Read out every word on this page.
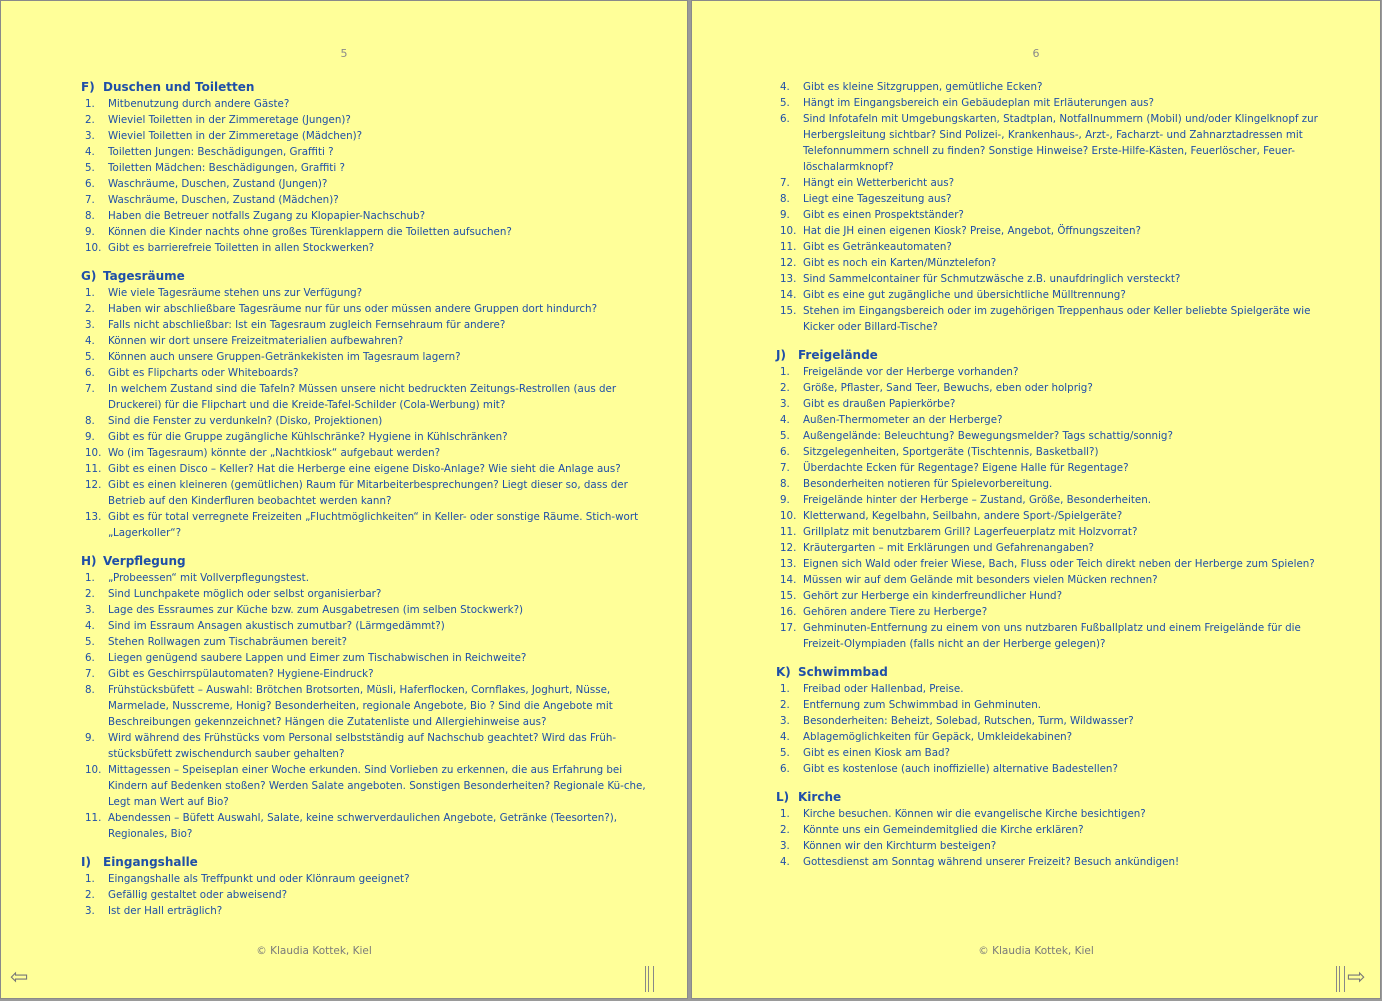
5
F) Duschen und Toiletten
1. Mitbenutzung durch andere Gäste?
2. Wieviel Toiletten in der Zimmeretage (Jungen)?
3. Wieviel Toiletten in der Zimmeretage (Mädchen)?
4. Toiletten Jungen: Beschädigungen, Graffiti ?
5. Toiletten Mädchen: Beschädigungen, Graffiti ?
6. Waschräume, Duschen, Zustand (Jungen)?
7. Waschräume, Duschen, Zustand (Mädchen)?
8. Haben die Betreuer notfalls Zugang zu Klopapier-Nachschub?
9. Können die Kinder nachts ohne großes Türenklappern die Toiletten aufsuchen?
10. Gibt es barrierefreie Toiletten in allen Stockwerken?
G) Tagesräume
1. Wie viele Tagesräume stehen uns zur Verfügung?
2. Haben wir abschließbare Tagesräume nur für uns oder müssen andere Gruppen dort hindurch?
3. Falls nicht abschließbar: Ist ein Tagesraum zugleich Fernsehraum für andere?
4. Können wir dort unsere Freizeitmaterialien aufbewahren?
5. Können auch unsere Gruppen-Getränkekisten im Tagesraum lagern?
6. Gibt es Flipcharts oder Whiteboards?
7. In welchem Zustand sind die Tafeln? Müssen unsere nicht bedruckten Zeitungs-Restrollen (aus der Druckerei) für die Flipchart und die Kreide-Tafel-Schilder (Cola-Werbung) mit?
8. Sind die Fenster zu verdunkeln? (Disko, Projektionen)
9. Gibt es für die Gruppe zugängliche Kühlschränke? Hygiene in Kühlschränken?
10. Wo (im Tagesraum) könnte der „Nachtkiosk“ aufgebaut werden?
11. Gibt es einen Disco – Keller? Hat die Herberge eine eigene Disko-Anlage? Wie sieht die Anlage aus?
12. Gibt es einen kleineren (gemütlichen) Raum für Mitarbeiterbesprechungen? Liegt dieser so, dass der Betrieb auf den Kinderfluren beobachtet werden kann?
13. Gibt es für total verregnete Freizeiten „Fluchtmöglichkeiten“ in Keller- oder sonstige Räume. Stich-wort „Lagerkoller“?
H) Verpflegung
1. „Probeessen“ mit Vollverpflegungstest.
2. Sind Lunchpakete möglich oder selbst organisierbar?
3. Lage des Essraumes zur Küche bzw. zum Ausgabetresen (im selben Stockwerk?)
4. Sind im Essraum Ansagen akustisch zumutbar? (Lärmgedämmt?)
5. Stehen Rollwagen zum Tischabräumen bereit?
6. Liegen genügend saubere Lappen und Eimer zum Tischabwischen in Reichweite?
7. Gibt es Geschirrspülautomaten? Hygiene-Eindruck?
8. Frühstücksbüfett – Auswahl: Brötchen Brotsorten, Müsli, Haferflocken, Cornflakes, Joghurt, Nüsse, Marmelade, Nusscreme, Honig? Besonderheiten, regionale Angebote, Bio ? Sind die Angebote mit Beschreibungen gekennzeichnet? Hängen die Zutatenliste und Allergiehinweise aus?
9. Wird während des Frühstücks vom Personal selbstständig auf Nachschub geachtet? Wird das Früh-stücksbüfett zwischendurch sauber gehalten?
10. Mittagessen – Speiseplan einer Woche erkunden. Sind Vorlieben zu erkennen, die aus Erfahrung bei Kindern auf Bedenken stoßen? Werden Salate angeboten. Sonstigen Besonderheiten? Regionale Kü-che, Legt man Wert auf Bio?
11. Abendessen – Büfett Auswahl, Salate, keine schwerverdaulichen Angebote, Getränke (Teesorten?), Regionales, Bio?
I) Eingangshalle
1. Eingangshalle als Treffpunkt und oder Klönraum geeignet?
2. Gefällig gestaltet oder abweisend?
3. Ist der Hall erträglich?
© Klaudia Kottek, Kiel
6
4. Gibt es kleine Sitzgruppen, gemütliche Ecken?
5. Hängt im Eingangsbereich ein Gebäudeplan mit Erläuterungen aus?
6. Sind Infotafeln mit Umgebungskarten, Stadtplan, Notfallnummern (Mobil) und/oder Klingelknopf zur Herbergsleitung sichtbar? Sind Polizei-, Krankenhaus-, Arzt-, Facharzt- und Zahnarztadressen mit Telefonnummern schnell zu finden? Sonstige Hinweise? Erste-Hilfe-Kästen, Feuerlöscher, Feuer-löschalarmknopf?
7. Hängt ein Wetterbericht aus?
8. Liegt eine Tageszeitung aus?
9. Gibt es einen Prospektständer?
10. Hat die JH einen eigenen Kiosk? Preise, Angebot, Öffnungszeiten?
11. Gibt es Getränkeautomaten?
12. Gibt es noch ein Karten/Münztelefon?
13. Sind Sammelcontainer für Schmutzwäsche z.B. unaufdringlich versteckt?
14. Gibt es eine gut zugängliche und übersichtliche Mülltrennung?
15. Stehen im Eingangsbereich oder im zugehörigen Treppenhaus oder Keller beliebte Spielgeräte wie Kicker oder Billard-Tische?
J) Freigelände
1. Freigelände vor der Herberge vorhanden?
2. Größe, Pflaster, Sand Teer, Bewuchs, eben oder holprig?
3. Gibt es draußen Papierkörbe?
4. Außen-Thermometer an der Herberge?
5. Außengelände: Beleuchtung? Bewegungsmelder? Tags schattig/sonnig?
6. Sitzgelegenheiten, Sportgeräte (Tischtennis, Basketball?)
7. Überdachte Ecken für Regentage? Eigene Halle für Regentage?
8. Besonderheiten notieren für Spielevorbereitung.
9. Freigelände hinter der Herberge – Zustand, Größe, Besonderheiten.
10. Kletterwand, Kegelbahn, Seilbahn, andere Sport-/Spielgeräte?
11. Grillplatz mit benutzbarem Grill? Lagerfeuerplatz mit Holzvorrat?
12. Kräutergarten – mit Erklärungen und Gefahrenangaben?
13. Eignen sich Wald oder freier Wiese, Bach, Fluss oder Teich direkt neben der Herberge zum Spielen?
14. Müssen wir auf dem Gelände mit besonders vielen Mücken rechnen?
15. Gehört zur Herberge ein kinderfreundlicher Hund?
16. Gehören andere Tiere zu Herberge?
17. Gehminuten-Entfernung zu einem von uns nutzbaren Fußballplatz und einem Freigelände für die Freizeit-Olympiaden (falls nicht an der Herberge gelegen)?
K) Schwimmbad
1. Freibad oder Hallenbad, Preise.
2. Entfernung zum Schwimmbad in Gehminuten.
3. Besonderheiten: Beheizt, Solebad, Rutschen, Turm, Wildwasser?
4. Ablagemöglichkeiten für Gepäck, Umkleidekabinen?
5. Gibt es einen Kiosk am Bad?
6. Gibt es kostenlose (auch inoffizielle) alternative Badestellen?
L) Kirche
1. Kirche besuchen. Können wir die evangelische Kirche besichtigen?
2. Könnte uns ein Gemeindemitglied die Kirche erklären?
3. Können wir den Kirchturm besteigen?
4. Gottesdienst am Sonntag während unserer Freizeit? Besuch ankündigen!
© Klaudia Kottek, Kiel
⇦	⇨
